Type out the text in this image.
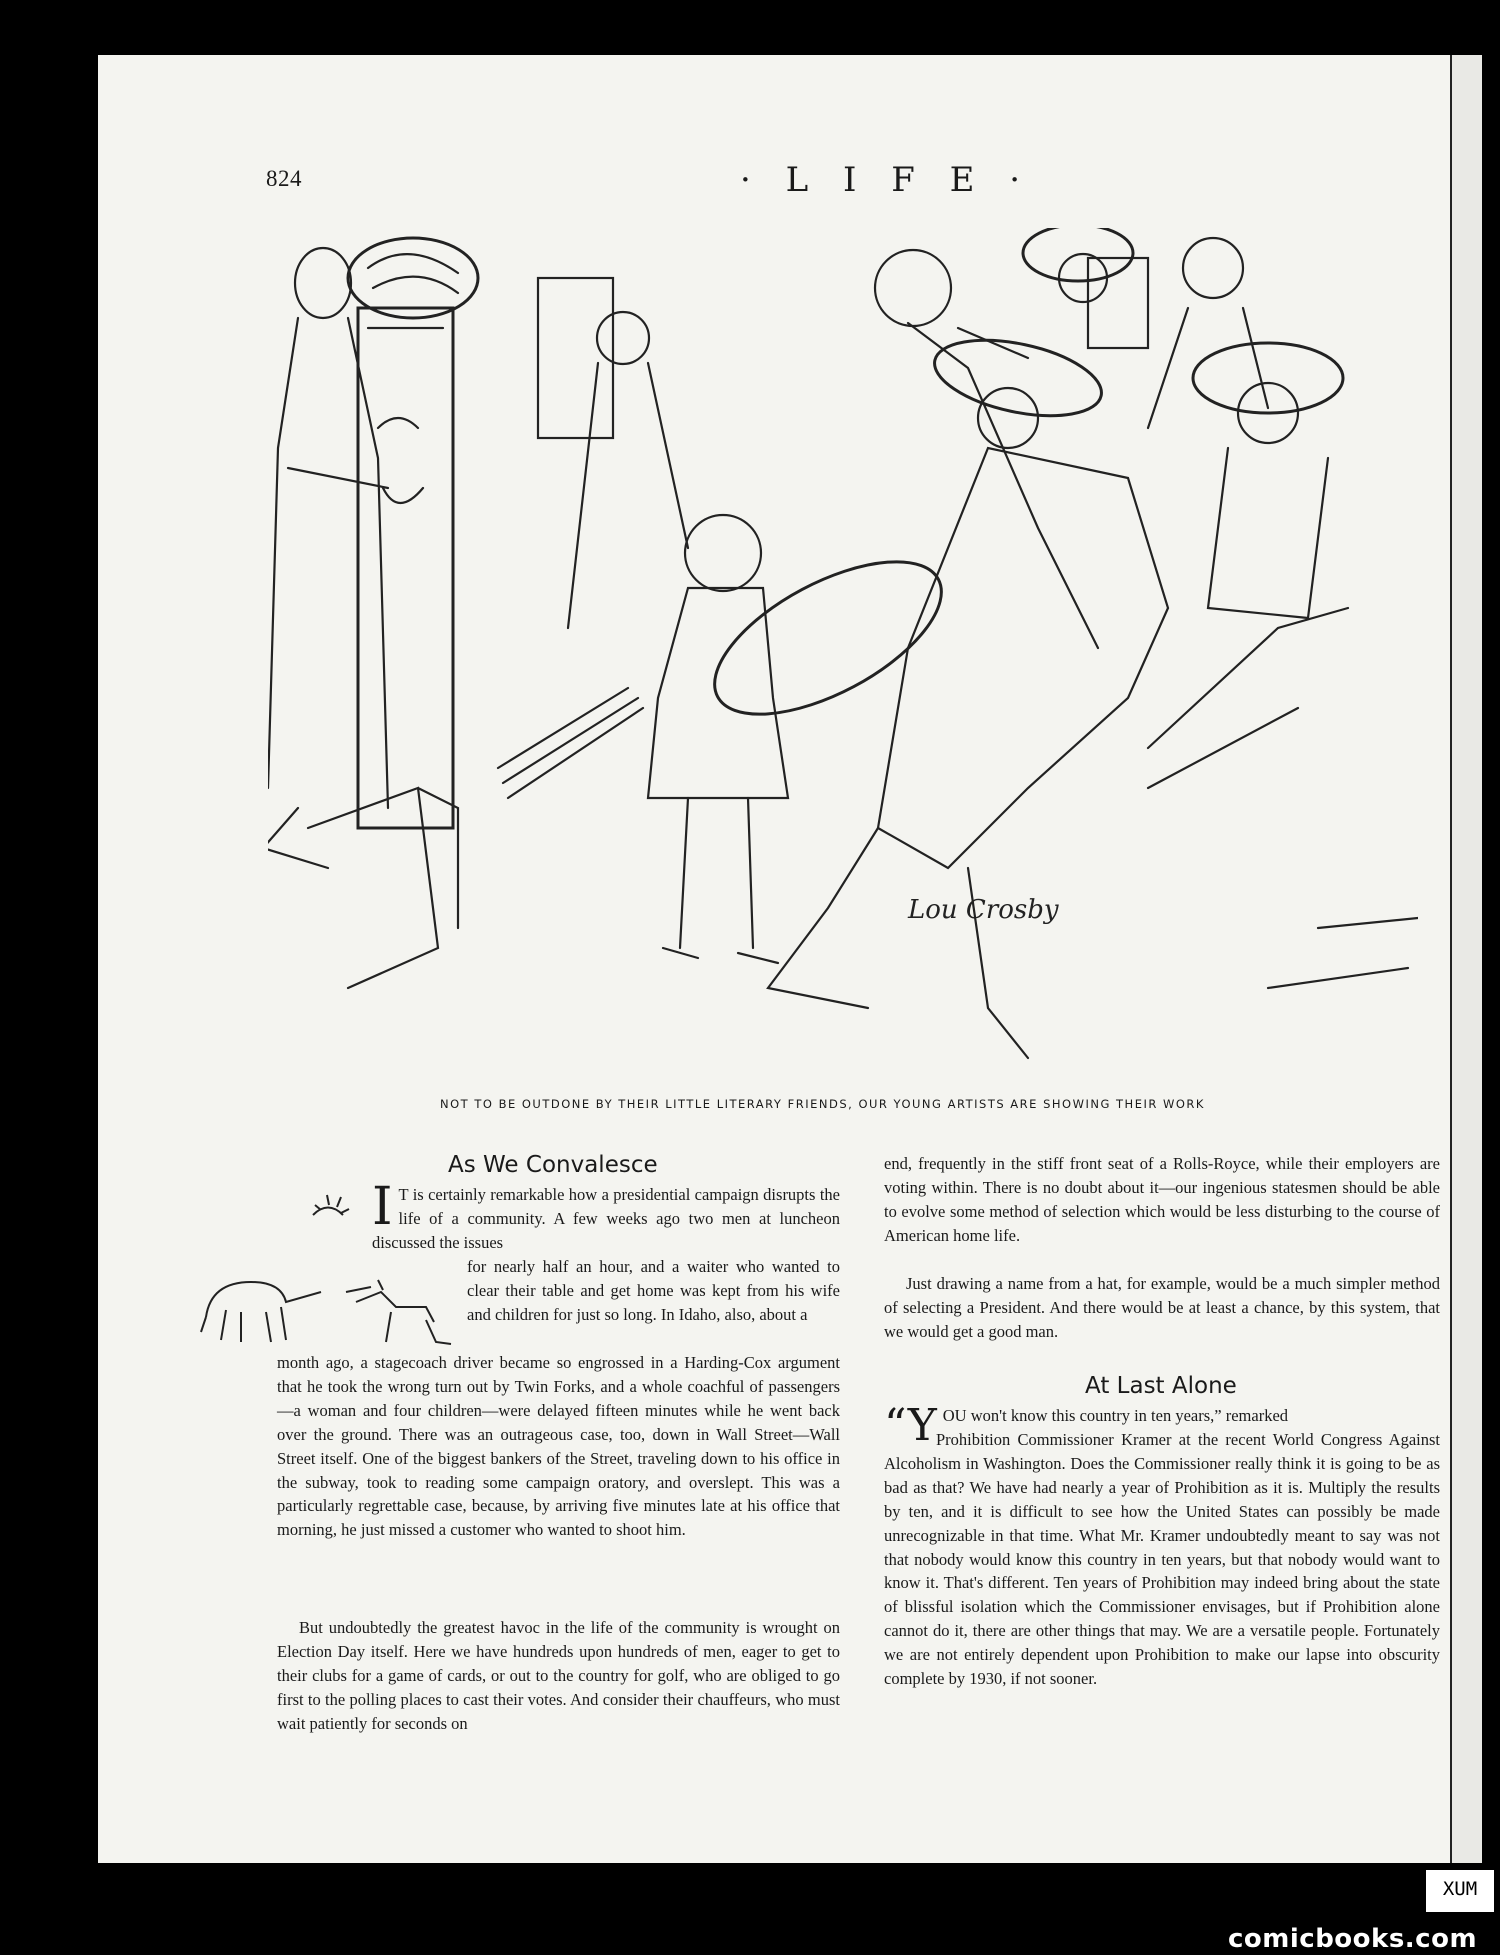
824	· L I F E ·
Lou Crosby
NOT TO BE OUTDONE BY THEIR LITTLE LITERARY FRIENDS, OUR YOUNG ARTISTS ARE SHOWING THEIR WORK
As We Convalesce
I T is certainly remarkable how a presidential campaign disrupts the life of a community. A few weeks ago two men at luncheon discussed the issues
for nearly half an hour, and a waiter who wanted to clear their table and get home was kept from his wife and children for just so long. In Idaho, also, about a
month ago, a stagecoach driver became so engrossed in a Harding-Cox argument that he took the wrong turn out by Twin Forks, and a whole coachful of passengers—a woman and four children—were delayed fifteen minutes while he went back over the ground. There was an outrageous case, too, down in Wall Street—Wall Street itself. One of the biggest bankers of the Street, traveling down to his office in the subway, took to reading some campaign oratory, and overslept. This was a particularly regrettable case, because, by arriving five minutes late at his office that morning, he just missed a customer who wanted to shoot him.
But undoubtedly the greatest havoc in the life of the community is wrought on Election Day itself. Here we have hundreds upon hundreds of men, eager to get to their clubs for a game of cards, or out to the country for golf, who are obliged to go first to the polling places to cast their votes. And consider their chauffeurs, who must wait patiently for seconds on
end, frequently in the stiff front seat of a Rolls-Royce, while their employers are voting within. There is no doubt about it—our ingenious statesmen should be able to evolve some method of selection which would be less disturbing to the course of American home life.
Just drawing a name from a hat, for example, would be a much simpler method of selecting a President. And there would be at least a chance, by this system, that we would get a good man.
At Last Alone
“Y OU won't know this country in ten years,” remarked
Prohibition Commissioner Kramer at the recent World Congress Against Alcoholism in Washington. Does the Commissioner really think it is going to be as bad as that? We have had nearly a year of Prohibition as it is. Multiply the results by ten, and it is difficult to see how the United States can possibly be made unrecognizable in that time. What Mr. Kramer undoubtedly meant to say was not that nobody would know this country in ten years, but that nobody would want to know it. That's different. Ten years of Prohibition may indeed bring about the state of blissful isolation which the Commissioner envisages, but if Prohibition alone cannot do it, there are other things that may. We are a versatile people. Fortunately we are not entirely dependent upon Prohibition to make our lapse into obscurity complete by 1930, if not sooner.
XUM
comicbooks.com
